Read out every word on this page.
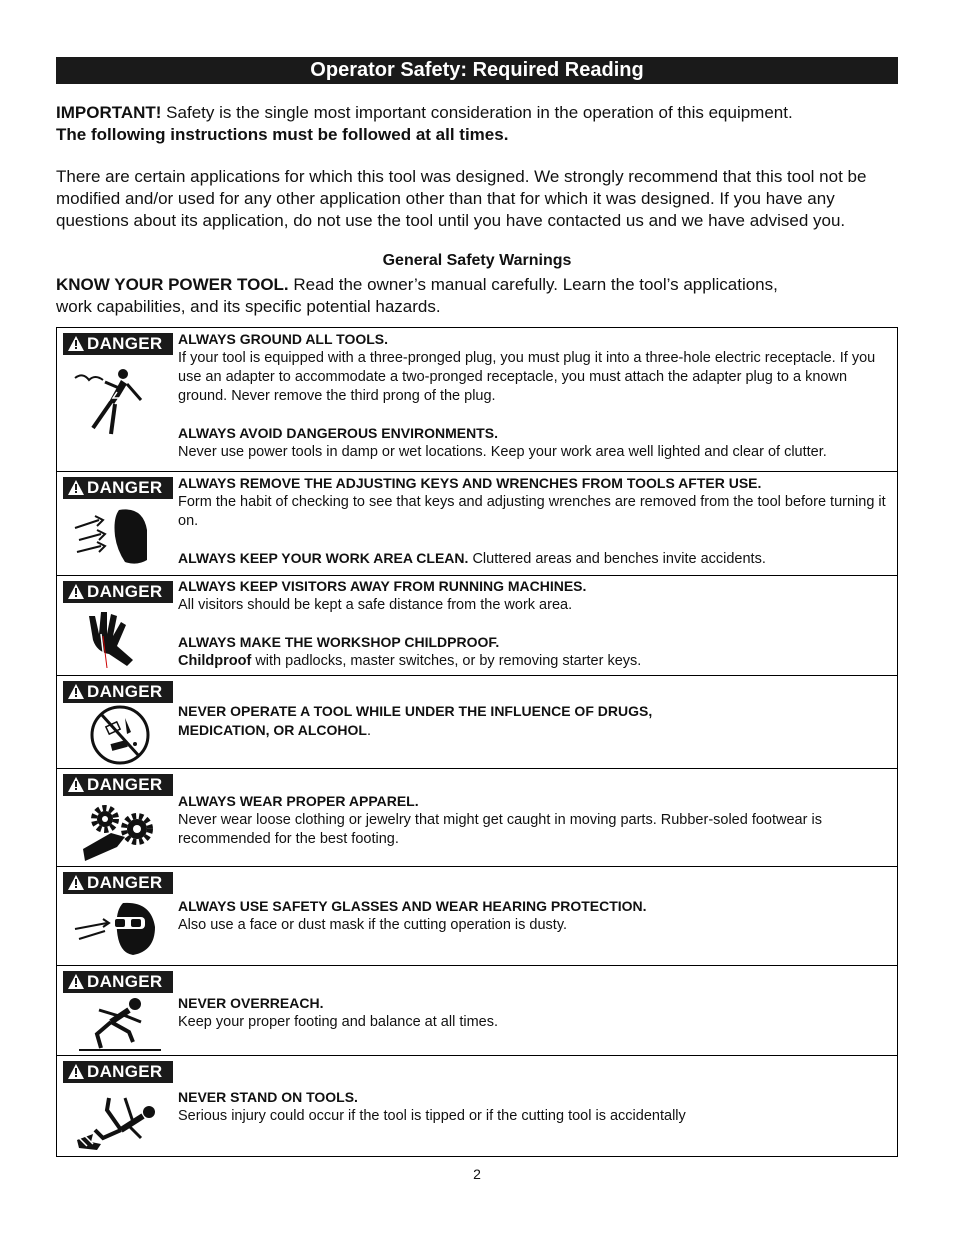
Operator Safety: Required Reading

IMPORTANT! Safety is the single most important consideration in the operation of this equipment.
The following instructions must be followed at all times.

There are certain applications for which this tool was designed. We strongly recommend that this tool not be modified and/or used for any other application other than that for which it was designed. If you have any questions about its application, do not use the tool until you have contacted us and we have advised you.

General Safety Warnings

KNOW YOUR POWER TOOL. Read the owner’s manual carefully. Learn the tool’s applications, work capabilities, and its specific potential hazards.

DANGER ALWAYS GROUND ALL TOOLS.

If your tool is equipped with a three-pronged plug, you must plug it into a three-hole electric receptacle. If you use an adapter to accommodate a two-pronged receptacle, you must attach the adapter plug to a known ground. Never remove the third prong of the plug.

ALWAYS AVOID DANGEROUS ENVIRONMENTS.

Never use power tools in damp or wet locations. Keep your work area well lighted and clear of clutter.

DANGER ALWAYS REMOVE THE ADJUSTING KEYS AND WRENCHES FROM TOOLS AFTER USE.

Form the habit of checking to see that keys and adjusting wrenches are removed from the tool before turning it on.

ALWAYS KEEP YOUR WORK AREA CLEAN. Cluttered areas and benches invite accidents.

DANGER ALWAYS KEEP VISITORS AWAY FROM RUNNING MACHINES.

All visitors should be kept a safe distance from the work area.

ALWAYS MAKE THE WORKSHOP CHILDPROOF.

Childproof with padlocks, master switches, or by removing starter keys.

DANGER

NEVER OPERATE A TOOL WHILE UNDER THE INFLUENCE OF DRUGS,

MEDICATION, OR ALCOHOL.

DANGER

ALWAYS WEAR PROPER APPAREL.

Never wear loose clothing or jewelry that might get caught in moving parts. Rubber-soled footwear is recommended for the best footing.

DANGER

ALWAYS USE SAFETY GLASSES AND WEAR HEARING PROTECTION.

Also use a face or dust mask if the cutting operation is dusty.

DANGER

NEVER OVERREACH.

Keep your proper footing and balance at all times.

DANGER

NEVER STAND ON TOOLS.

Serious injury could occur if the tool is tipped or if the cutting tool is accidentally

2
